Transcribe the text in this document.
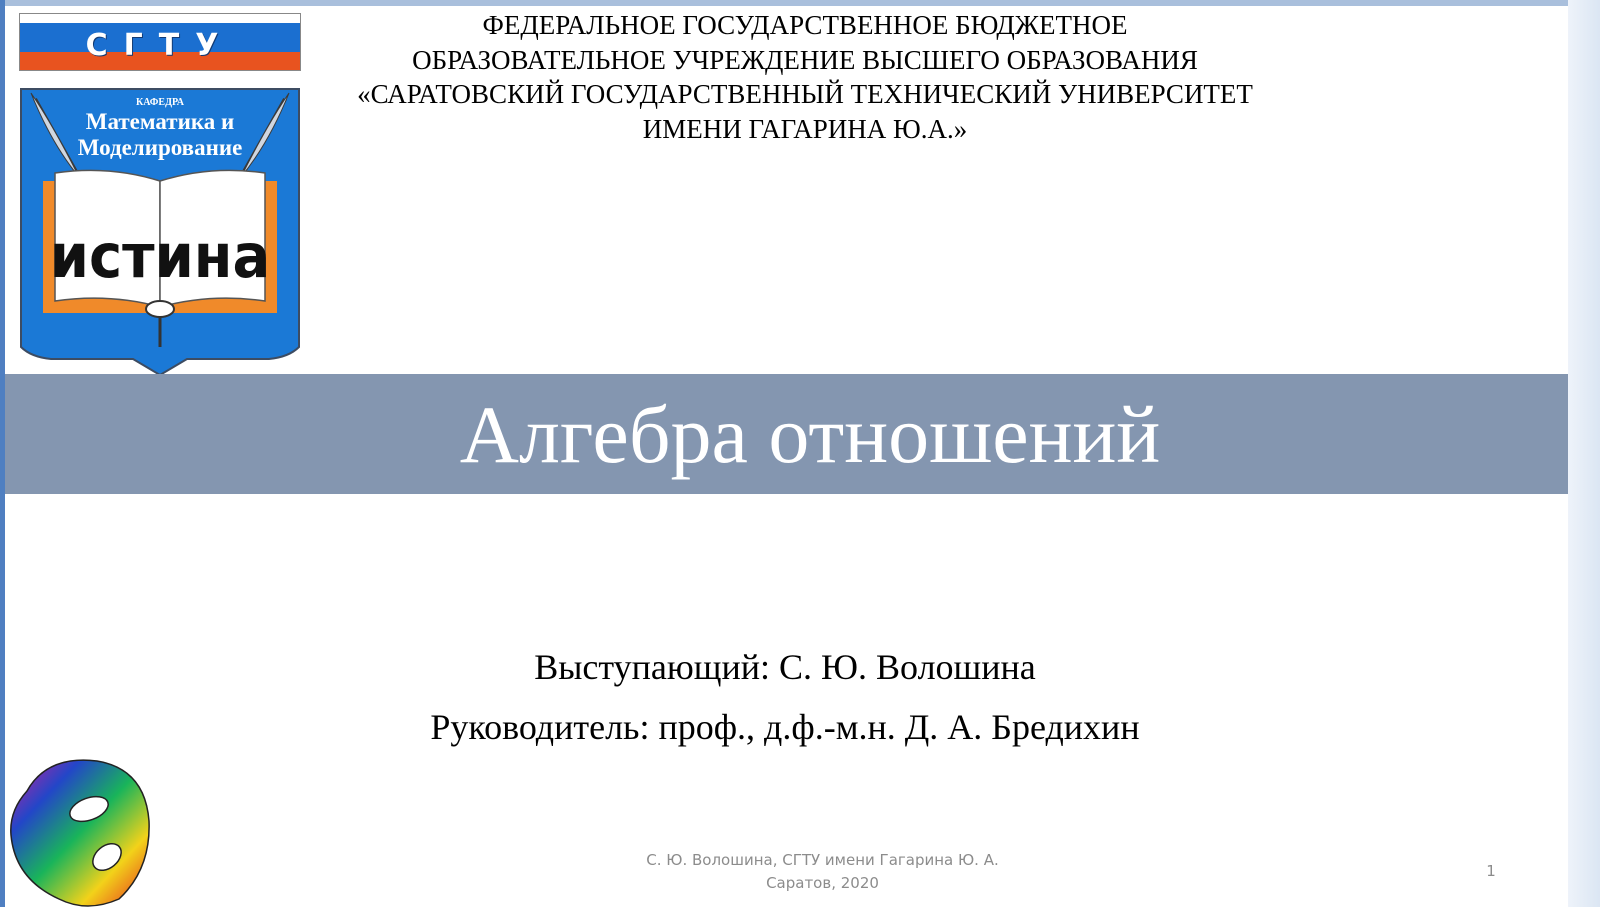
СГТУ
КАФЕДРА
Математика и
Моделирование
истина
ФЕДЕРАЛЬНОЕ ГОСУДАРСТВЕННОЕ БЮДЖЕТНОЕ
ОБРАЗОВАТЕЛЬНОЕ УЧРЕЖДЕНИЕ ВЫСШЕГО ОБРАЗОВАНИЯ
«САРАТОВСКИЙ ГОСУДАРСТВЕННЫЙ ТЕХНИЧЕСКИЙ УНИВЕРСИТЕТ
ИМЕНИ ГАГАРИНА Ю.А.»
Алгебра отношений
Выступающий: С. Ю. Волошина
Руководитель: проф., д.ф.-м.н. Д. А. Бредихин
С. Ю. Волошина, СГТУ имени Гагарина Ю. А.
Саратов, 2020
1
